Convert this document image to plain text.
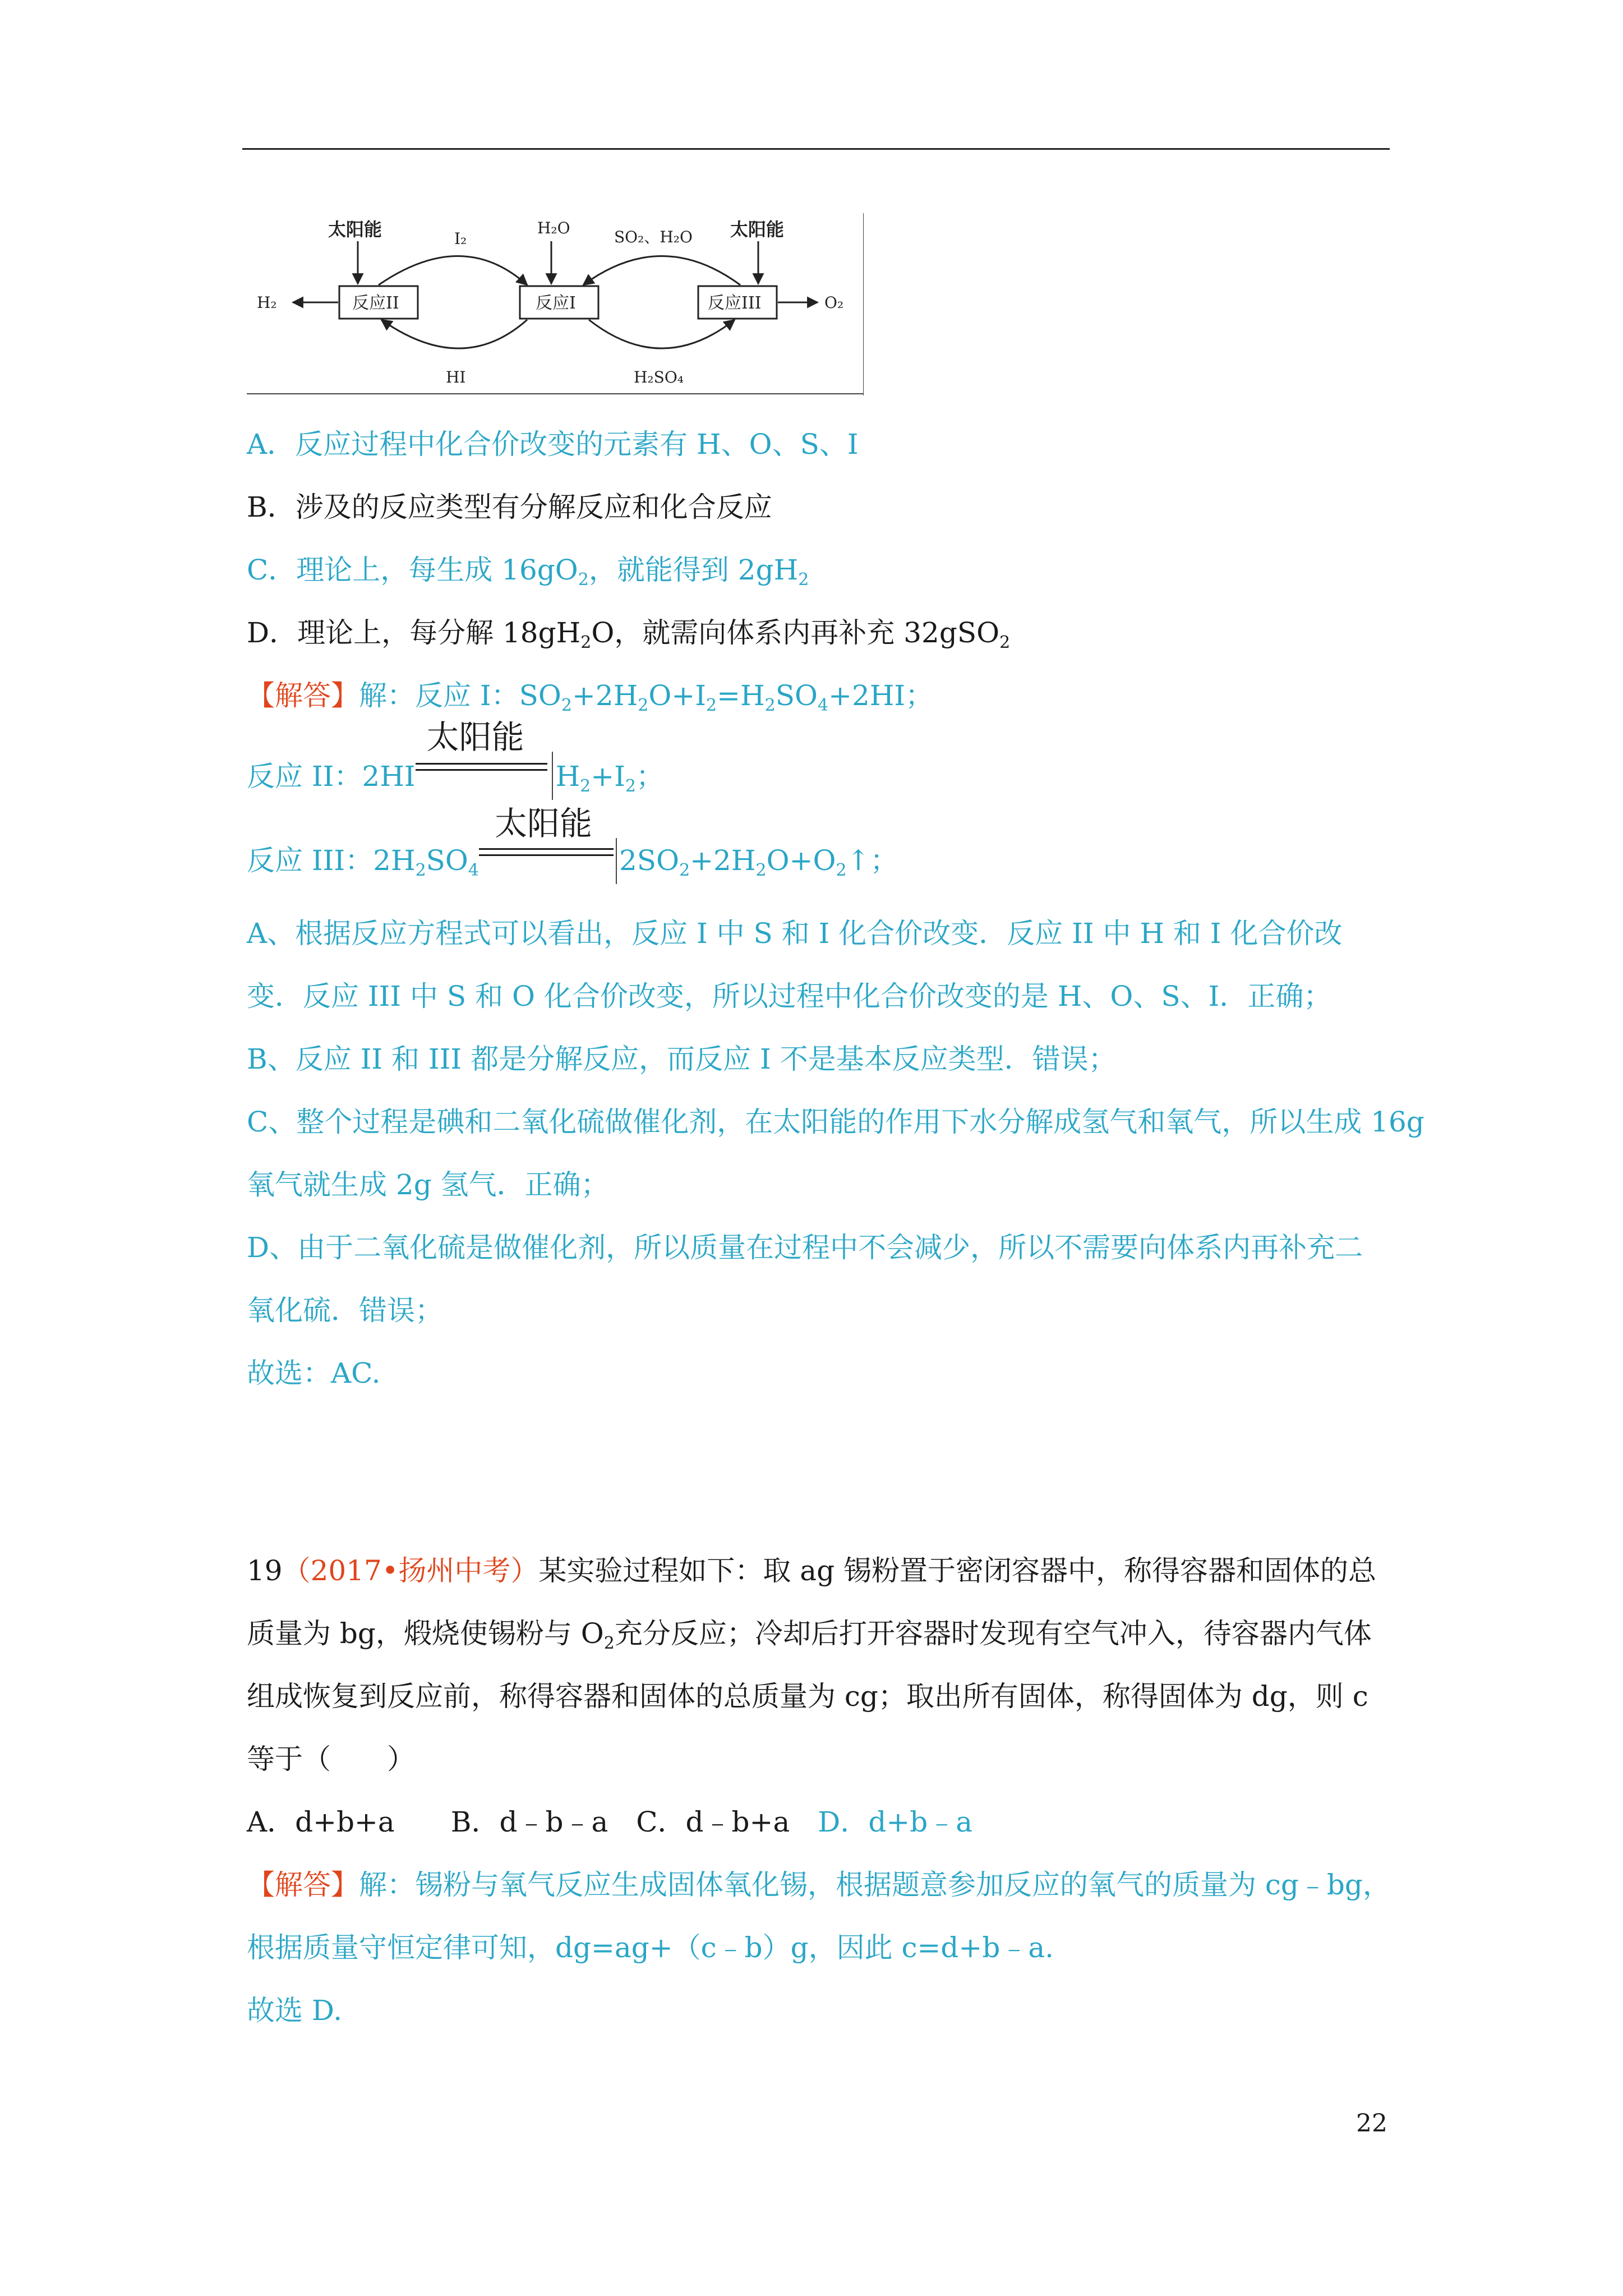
太阳能	太阳能
I₂
H₂O	SO₂、H₂O
HI	H₂SO₄
H₂	O₂
反应II	反应I	反应III
A．反应过程中化合价改变的元素有 H、O、S、I
B．涉及的反应类型有分解反应和化合反应
C．理论上，每生成 $16gO_2$，就能得到 $2gH_2$
D．理论上，每分解 $18gH_2O$，就需向体系内再补充 32gSO$_2$
【解答】解：反应 I：$SO_2+2H_2O+I_2=H_2SO_4+2HI$；
反应 II：2HI
太阳能
$H_2+I_2$；
反应 III：$2H_2SO_4$
太阳能
$2SO_2+2H_2O+O_2↑$；
A、根据反应方程式可以看出，反应 I 中 S 和 I 化合价改变．反应 II 中 H 和 I 化合价改
变．反应 III 中 S 和 O 化合价改变，所以过程中化合价改变的是 H、O、S、I．正确；
B、反应 II 和 III 都是分解反应，而反应 I 不是基本反应类型．错误；
C、整个过程是碘和二氧化硫做催化剂，在太阳能的作用下水分解成氢气和氧气，所以生成 16g
氧气就生成 2g 氢气．正确；
D、由于二氧化硫是做催化剂，所以质量在过程中不会减少，所以不需要向体系内再补充二
氧化硫．错误；
故选：AC.
19（2017•扬州中考）某实验过程如下：取 ag 锡粉置于密闭容器中，称得容器和固体的总
质量为 bg，煅烧使锡粉与 $O_2$充分反应；冷却后打开容器时发现有空气冲入，待容器内气体
组成恢复到反应前，称得容器和固体的总质量为 cg；取出所有固体，称得固体为 dg，则 c
等于（　　）
A．d+b+a　　B．d﹣b﹣a　C．d﹣b+a　D．d+b﹣a
【解答】解：锡粉与氧气反应生成固体氧化锡，根据题意参加反应的氧气的质量为 cg﹣bg，
根据质量守恒定律可知，dg=ag+（c﹣b）g，因此 c=d+b﹣a.
故选 D.
22
